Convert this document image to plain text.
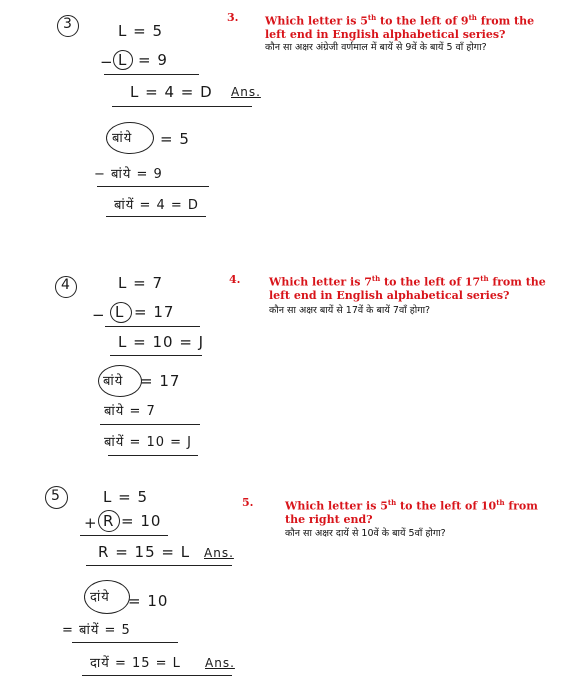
3	L = 5
− L = 9
L = 4 = D Ans.
बांये = 5
− बांये = 9
बांयें = 4 = D
3. Which letter is 5th to the left of 9th from the left end in English alphabetical series?
कौन सा अक्षर अंग्रेजी वर्णमाल में बायें से 9वें के बायें 5 वाँ होगा?
4	L = 7
− L = 17
L = 10 = J
बांये = 17
बांये = 7
बांयें = 10 = J
4.	Which letter is 7th to the left of 17th from the left end in English alphabetical series?
कौन सा अक्षर बायें से 17वें के बायें 7वाँ होगा?
5	L = 5
+ R = 10
R = 15 = L Ans.
दांये = 10
= बांयें = 5
दायें = 15 = L Ans.
5.	Which letter is 5th to the left of 10th from the right end?
कौन सा अक्षर दायें से 10वें के बायें 5वाँ होगा?
